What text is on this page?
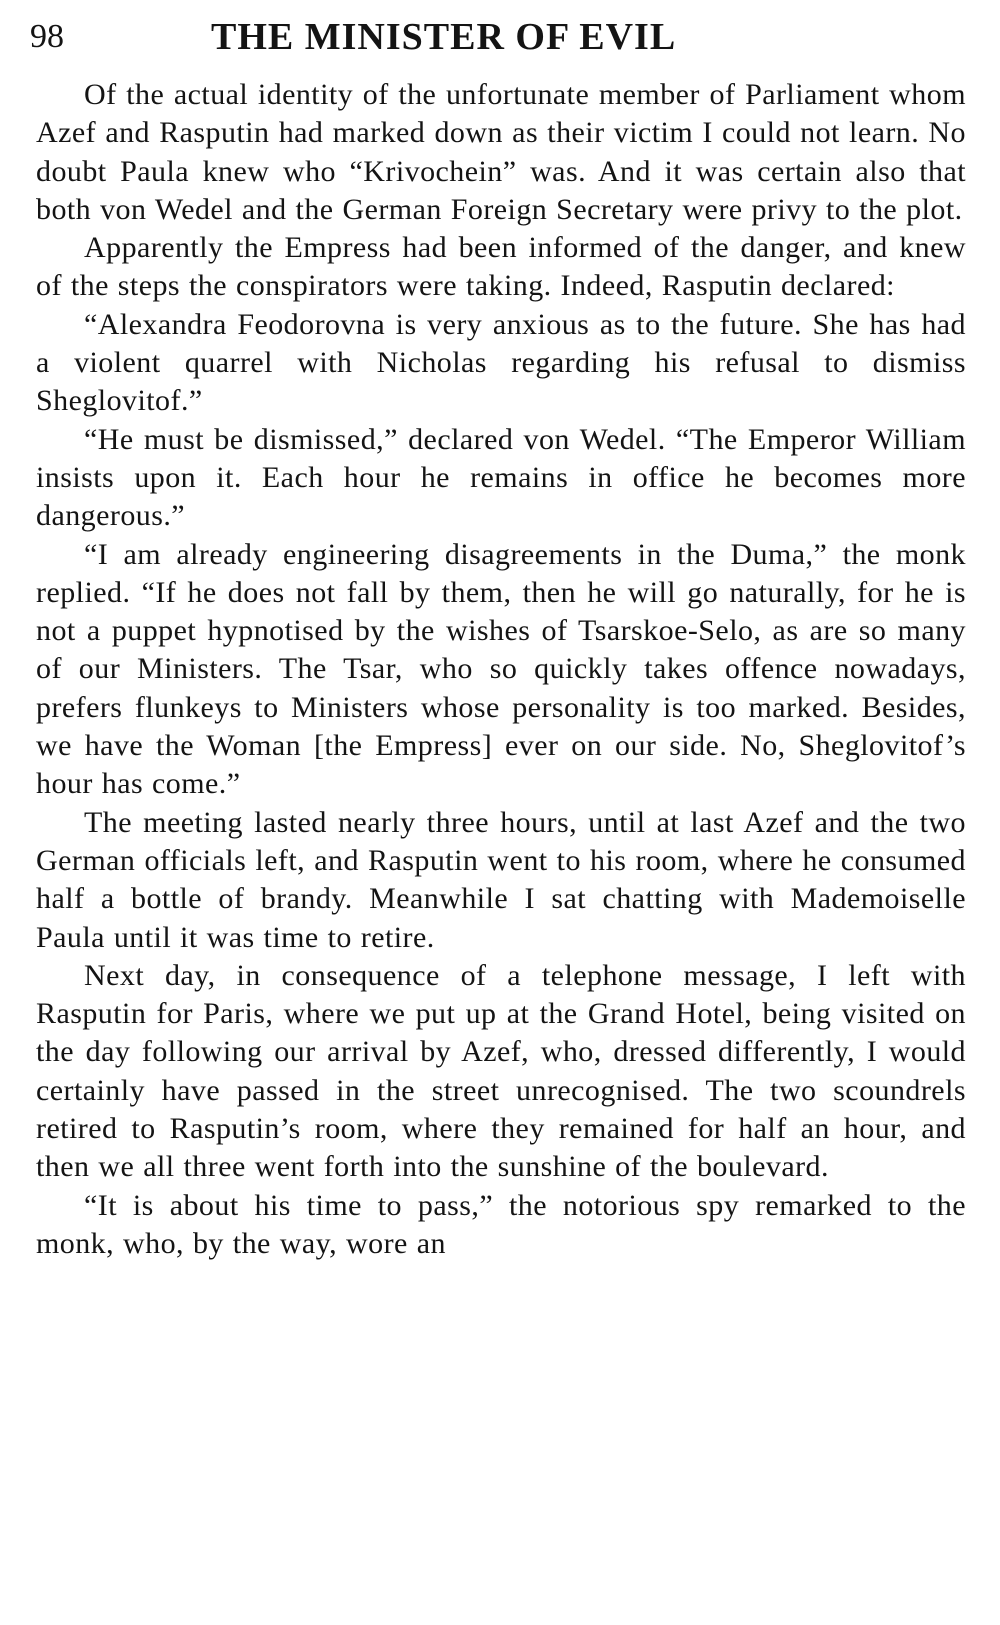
98	THE MINISTER OF EVIL

Of the actual identity of the unfortunate member of Parliament whom Azef and Rasputin had marked down as their victim I could not learn. No doubt Paula knew who “Krivochein” was. And it was certain also that both von Wedel and the German Foreign Secretary were privy to the plot.

Apparently the Empress had been informed of the danger, and knew of the steps the conspirators were taking. Indeed, Rasputin declared:

“Alexandra Feodorovna is very anxious as to the future. She has had a violent quarrel with Nicholas regarding his refusal to dismiss Sheglovitof.”

“He must be dismissed,” declared von Wedel. “The Emperor William insists upon it. Each hour he remains in office he becomes more dangerous.”

“I am already engineering disagreements in the Duma,” the monk replied. “If he does not fall by them, then he will go naturally, for he is not a puppet hypnotised by the wishes of Tsarskoe-Selo, as are so many of our Ministers. The Tsar, who so quickly takes offence nowadays, prefers flunkeys to Ministers whose personality is too marked. Besides, we have the Woman [the Empress] ever on our side. No, Sheglovitof’s hour has come.”

The meeting lasted nearly three hours, until at last Azef and the two German officials left, and Rasputin went to his room, where he consumed half a bottle of brandy. Meanwhile I sat chatting with Mademoiselle Paula until it was time to retire.

Next day, in consequence of a telephone message, I left with Rasputin for Paris, where we put up at the Grand Hotel, being visited on the day following our arrival by Azef, who, dressed differently, I would certainly have passed in the street unrecognised. The two scoundrels retired to Rasputin’s room, where they remained for half an hour, and then we all three went forth into the sunshine of the boulevard.

“It is about his time to pass,” the notorious spy remarked to the monk, who, by the way, wore an
